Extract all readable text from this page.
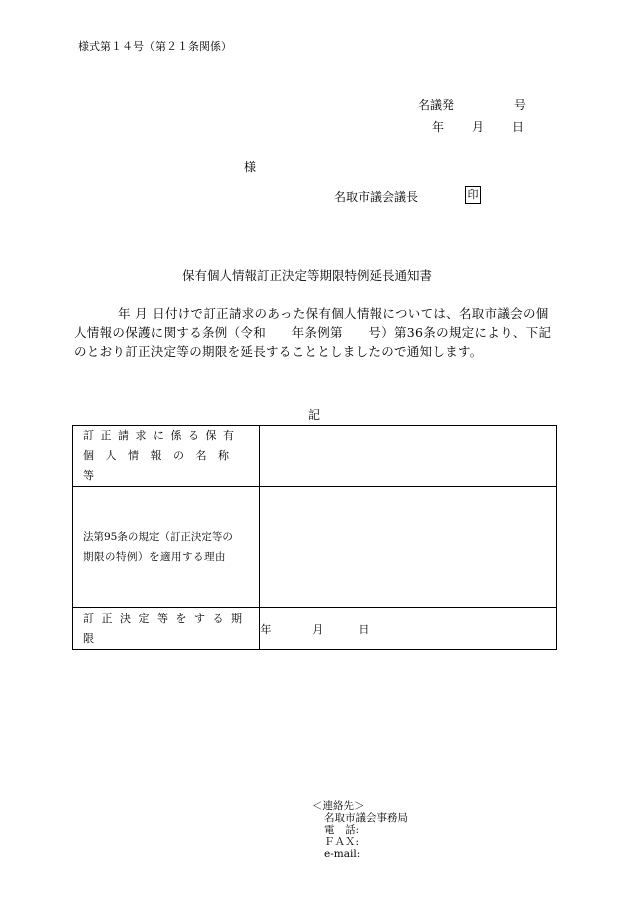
様式第１４号（第２１条関係）
名議発	号
年 月 日
様
名取市議会議長	印
保有個人情報訂正決定等期限特例延長通知書
年 月 日付けで訂正請求のあった保有個人情報については、名取市議会の個人情報の保護に関する条例（令和　　年条例第　　号）第36条の規定により、下記のとおり訂正決定等の期限を延長することとしましたので通知します。
記
訂正請求に係る保有
個人情報の名称等	

法第95条の規定（訂正決定等の
期限の特例）を適用する理由	

訂正決定等をする期限	年 月 日
＜連絡先＞
名取市議会事務局
電　話:
ＦＡＸ:
e-mail:
